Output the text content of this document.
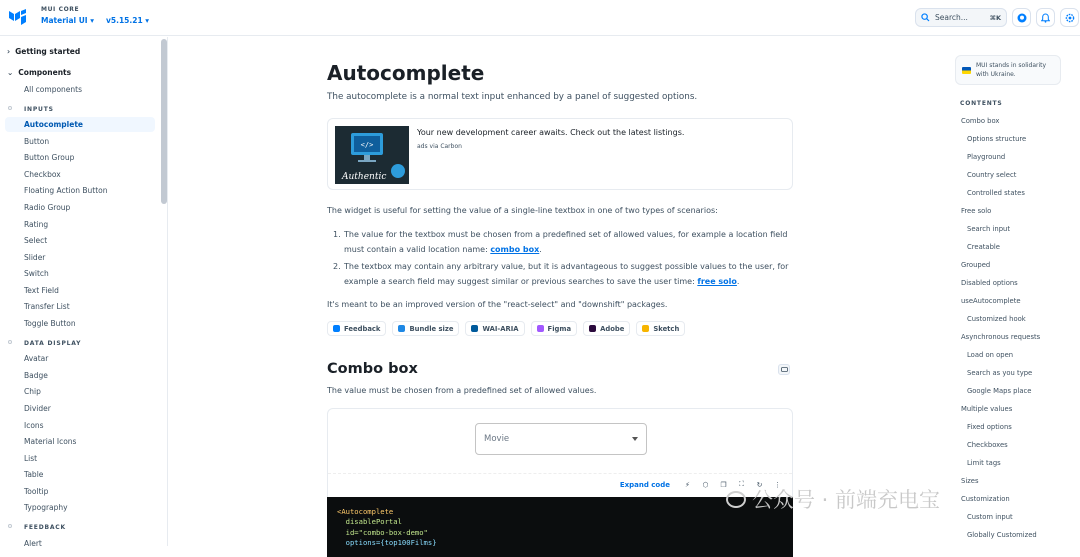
MUI CORE
Material UI ▾ v5.15.21 ▾	Search...	⌘K
› Getting started
⌄ Components
All components
INPUTS
Autocomplete
Button
Button Group
Checkbox
Floating Action Button
Radio Group
Rating
Select
Slider
Switch
Text Field
Transfer List
Toggle Button
DATA DISPLAY
Avatar
Badge
Chip
Divider
Icons
Material Icons
List
Table
Tooltip
Typography
FEEDBACK
Alert
Autocomplete
The autocomplete is a normal text input enhanced by a panel of suggested options.
</>
Authentic
Your new development career awaits. Check out the latest listings.
ads via Carbon
The widget is useful for setting the value of a single-line textbox in one of two types of scenarios:
1. The value for the textbox must be chosen from a predefined set of allowed values, for example a location field
must contain a valid location name: combo box.
2. The textbox may contain any arbitrary value, but it is advantageous to suggest possible values to the user, for
example a search field may suggest similar or previous searches to save the user time: free solo.
It's meant to be an improved version of the "react-select" and "downshift" packages.
Feedback	Bundle size	WAI-ARIA	Figma	Adobe	Sketch
Combo box
The value must be chosen from a predefined set of allowed values.
Movie
Expand code ⚡ ⬡ ❐ ⛶ ↻ ⋮
<Autocomplete
disablePortal
id="combo-box-demo"
options={top100Films}
MUI stands in solidarity with Ukraine.
CONTENTS
Combo box
Options structure
Playground
Country select
Controlled states
Free solo
Search input
Creatable
Grouped
Disabled options
useAutocomplete
Customized hook
Asynchronous requests
Load on open
Search as you type
Google Maps place
Multiple values
Fixed options
Checkboxes
Limit tags
Sizes
Customization
Custom input
Globally Customized
公众号 · 前端充电宝
